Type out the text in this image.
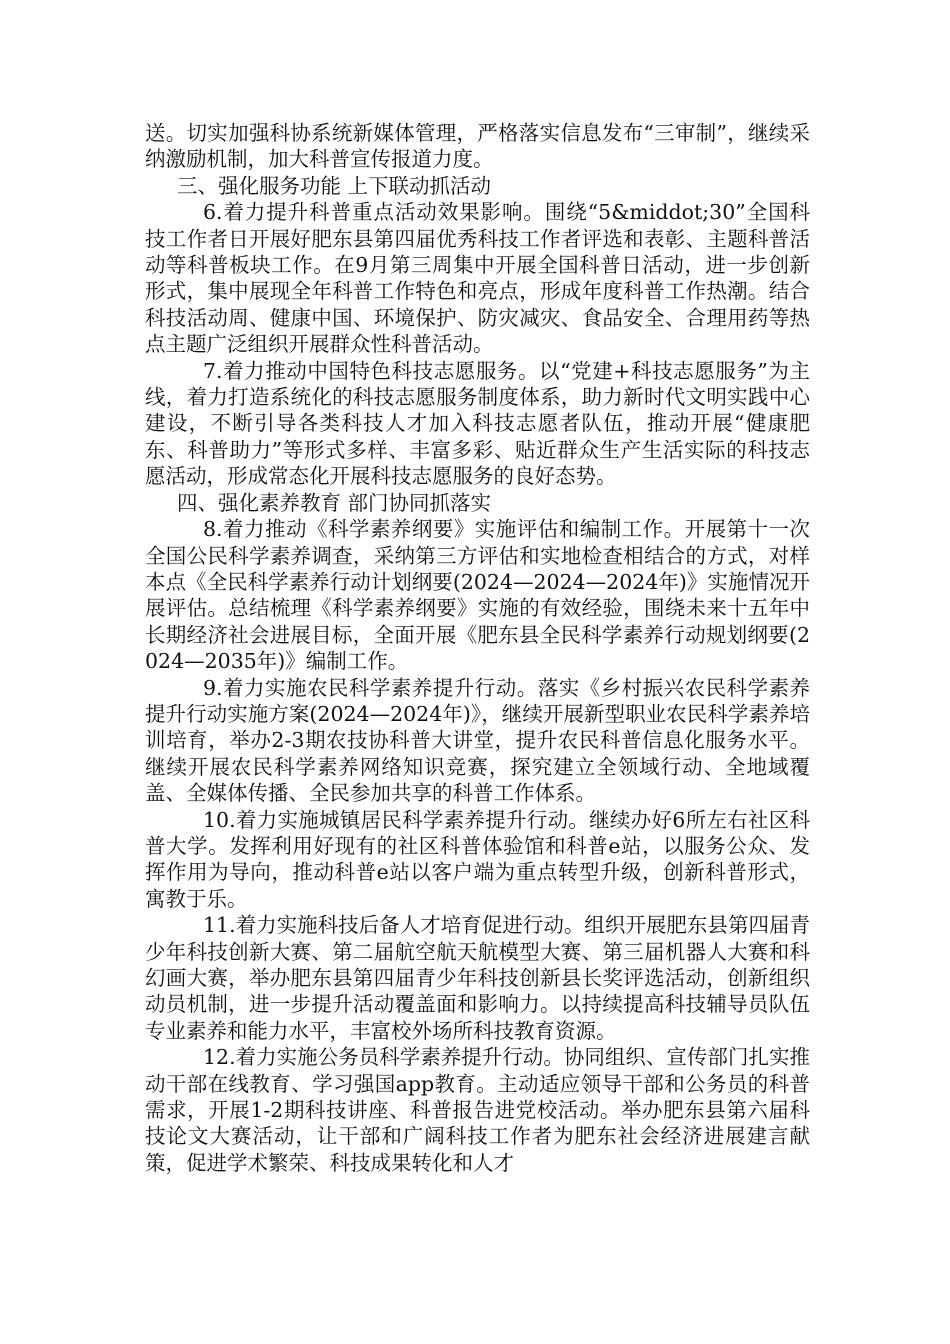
送。切实加强科协系统新媒体管理，严格落实信息发布“三审制”，继续采纳激励机制，加大科普宣传报道力度。

三、强化服务功能 上下联动抓活动

6.着力提升科普重点活动效果影响。围绕“5&middot;30”全国科技工作者日开展好肥东县第四届优秀科技工作者评选和表彰、主题科普活动等科普板块工作。在9月第三周集中开展全国科普日活动，进一步创新形式，集中展现全年科普工作特色和亮点，形成年度科普工作热潮。结合科技活动周、健康中国、环境保护、防灾减灾、食品安全、合理用药等热点主题广泛组织开展群众性科普活动。

7.着力推动中国特色科技志愿服务。以“党建+科技志愿服务”为主线，着力打造系统化的科技志愿服务制度体系，助力新时代文明实践中心建设，不断引导各类科技人才加入科技志愿者队伍，推动开展“健康肥东、科普助力”等形式多样、丰富多彩、贴近群众生产生活实际的科技志愿活动，形成常态化开展科技志愿服务的良好态势。

四、强化素养教育 部门协同抓落实

8.着力推动《科学素养纲要》实施评估和编制工作。开展第十一次全国公民科学素养调查，采纳第三方评估和实地检查相结合的方式，对样本点《全民科学素养行动计划纲要(2024—2024—2024年)》实施情况开展评估。总结梳理《科学素养纲要》实施的有效经验，围绕未来十五年中长期经济社会进展目标，全面开展《肥东县全民科学素养行动规划纲要(2024—2035年)》编制工作。

9.着力实施农民科学素养提升行动。落实《乡村振兴农民科学素养提升行动实施方案(2024—2024年)》，继续开展新型职业农民科学素养培训培育，举办2-3期农技协科普大讲堂，提升农民科普信息化服务水平。继续开展农民科学素养网络知识竞赛，探究建立全领域行动、全地域覆盖、全媒体传播、全民参加共享的科普工作体系。

10.着力实施城镇居民科学素养提升行动。继续办好6所左右社区科普大学。发挥利用好现有的社区科普体验馆和科普e站，以服务公众、发挥作用为导向，推动科普e站以客户端为重点转型升级，创新科普形式，寓教于乐。

11.着力实施科技后备人才培育促进行动。组织开展肥东县第四届青少年科技创新大赛、第二届航空航天航模型大赛、第三届机器人大赛和科幻画大赛，举办肥东县第四届青少年科技创新县长奖评选活动，创新组织动员机制，进一步提升活动覆盖面和影响力。以持续提高科技辅导员队伍专业素养和能力水平，丰富校外场所科技教育资源。

12.着力实施公务员科学素养提升行动。协同组织、宣传部门扎实推动干部在线教育、学习强国app教育。主动适应领导干部和公务员的科普需求，开展1-2期科技讲座、科普报告进党校活动。举办肥东县第六届科技论文大赛活动，让干部和广阔科技工作者为肥东社会经济进展建言献策，促进学术繁荣、科技成果转化和人才
